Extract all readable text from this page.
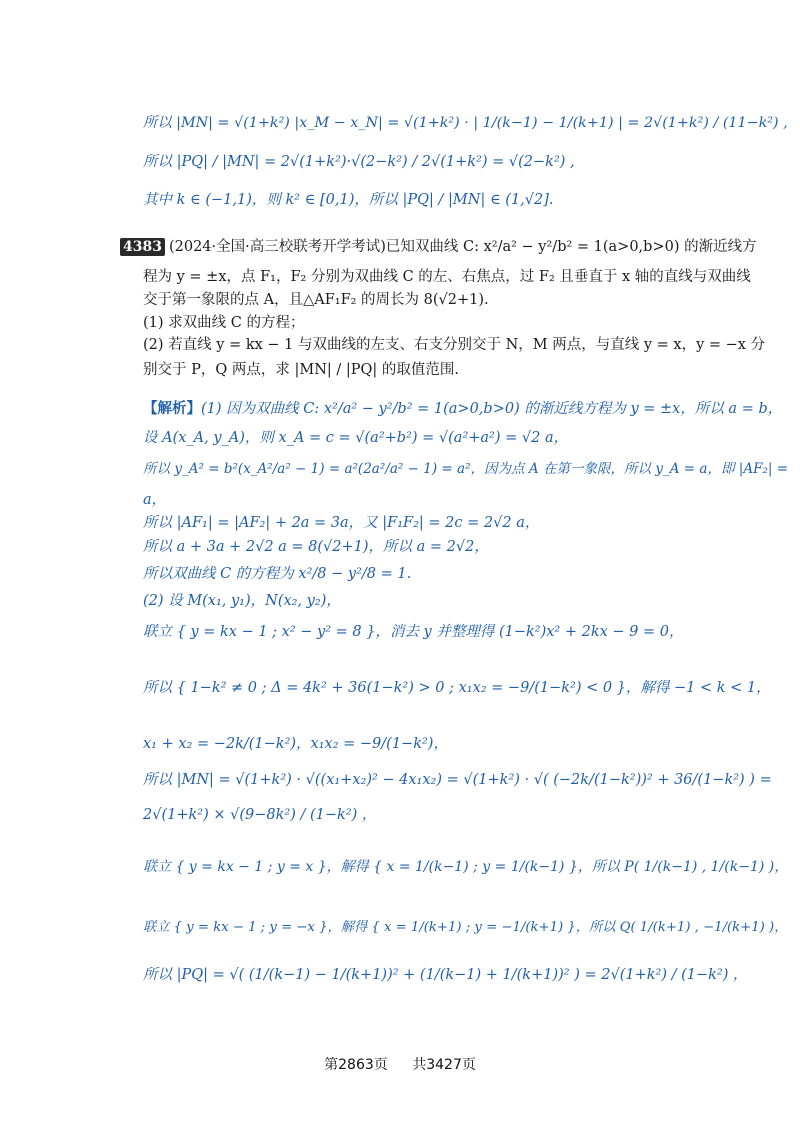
所以 |MN| = √(1+k²) |x_M − x_N| = √(1+k²) · | 1/(k−1) − 1/(k+1) | = 2√(1+k²) / (11−k²) ,
所以 |PQ| / |MN| = 2√(1+k²)·√(2−k²) / 2√(1+k²) = √(2−k²) ,
其中 k ∈ (−1,1)，则 k² ∈ [0,1)，所以 |PQ| / |MN| ∈ (1,√2].
4383 (2024·全国·高三校联考开学考试)已知双曲线 C: x²/a² − y²/b² = 1(a>0,b>0) 的渐近线方
程为 y = ±x，点 F₁，F₂ 分别为双曲线 C 的左、右焦点，过 F₂ 且垂直于 x 轴的直线与双曲线
交于第一象限的点 A，且△AF₁F₂ 的周长为 8(√2+1).
(1) 求双曲线 C 的方程；
(2) 若直线 y = kx − 1 与双曲线的左支、右支分别交于 N，M 两点，与直线 y = x，y = −x 分
别交于 P，Q 两点，求 |MN| / |PQ| 的取值范围.
【解析】(1) 因为双曲线 C: x²/a² − y²/b² = 1(a>0,b>0) 的渐近线方程为 y = ±x，所以 a = b，
设 A(x_A, y_A)，则 x_A = c = √(a²+b²) = √(a²+a²) = √2 a，
所以 y_A² = b²(x_A²/a² − 1) = a²(2a²/a² − 1) = a²，因为点 A 在第一象限，所以 y_A = a，即 |AF₂| =
a，
所以 |AF₁| = |AF₂| + 2a = 3a，又 |F₁F₂| = 2c = 2√2 a，
所以 a + 3a + 2√2 a = 8(√2+1)，所以 a = 2√2，
所以双曲线 C 的方程为 x²/8 − y²/8 = 1.
(2) 设 M(x₁, y₁)，N(x₂, y₂)，
联立 { y = kx − 1 ; x² − y² = 8 }，消去 y 并整理得 (1−k²)x² + 2kx − 9 = 0，
所以 { 1−k² ≠ 0 ; Δ = 4k² + 36(1−k²) > 0 ; x₁x₂ = −9/(1−k²) < 0 }，解得 −1 < k < 1，
x₁ + x₂ = −2k/(1−k²)，x₁x₂ = −9/(1−k²)，
所以 |MN| = √(1+k²) · √((x₁+x₂)² − 4x₁x₂) = √(1+k²) · √( (−2k/(1−k²))² + 36/(1−k²) ) =
2√(1+k²) × √(9−8k²) / (1−k²) ，
联立 { y = kx − 1 ; y = x }，解得 { x = 1/(k−1) ; y = 1/(k−1) }，所以 P( 1/(k−1) , 1/(k−1) )，
联立 { y = kx − 1 ; y = −x }，解得 { x = 1/(k+1) ; y = −1/(k+1) }，所以 Q( 1/(k+1) , −1/(k+1) )，
所以 |PQ| = √( (1/(k−1) − 1/(k+1))² + (1/(k−1) + 1/(k+1))² ) = 2√(1+k²) / (1−k²) ，
第2863页 共3427页
